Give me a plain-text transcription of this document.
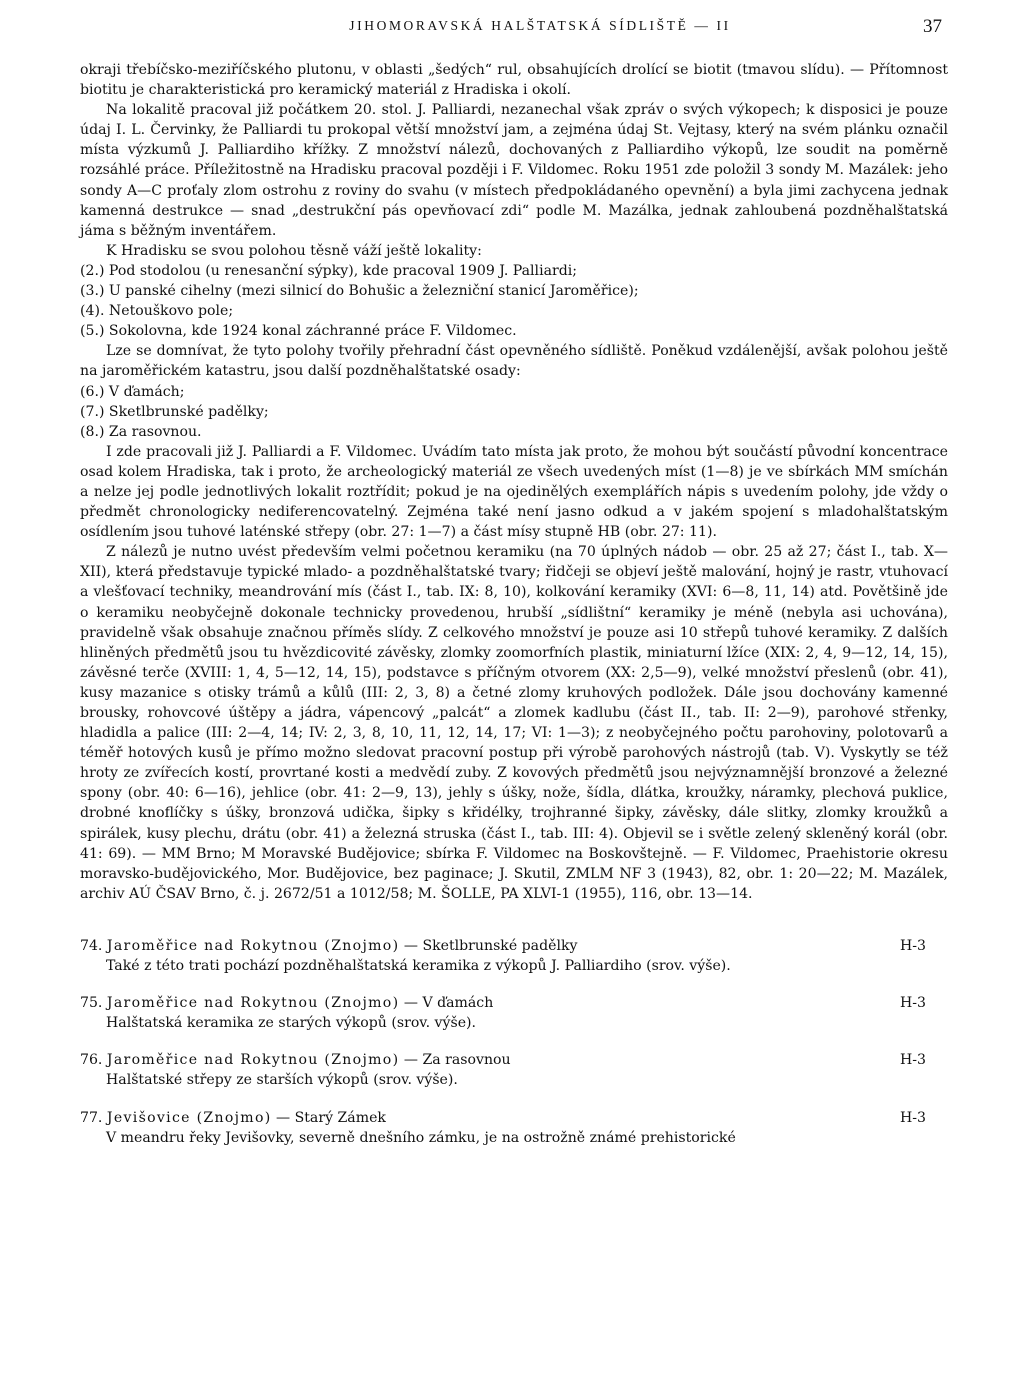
JIHOMORAVSKÁ HALŠTATSKÁ SÍDLIŠTĚ — II	37

okraji třebíčsko-meziříčského plutonu, v oblasti „šedých“ rul, obsahujících drolící se biotit (tmavou slídu). — Přítomnost biotitu je charakteristická pro keramický materiál z Hradiska i okolí.

Na lokalitě pracoval již počátkem 20. stol. J. Palliardi, nezanechal však zpráv o svých výkopech; k disposici je pouze údaj I. L. Červinky, že Palliardi tu prokopal větší množství jam, a zejména údaj St. Vejtasy, který na svém plánku označil místa výzkumů J. Palliardiho křížky. Z množství nálezů, dochovaných z Palliardiho výkopů, lze soudit na poměrně rozsáhlé práce. Příležitostně na Hradisku pracoval později i F. Vildomec. Roku 1951 zde položil 3 sondy M. Mazálek: jeho sondy A—C proťaly zlom ostrohu z roviny do svahu (v místech předpokládaného opevnění) a byla jimi zachycena jednak kamenná destrukce — snad „destrukční pás opevňovací zdi“ podle M. Mazálka, jednak zahloubená pozdněhalštatská jáma s běžným inventářem.

K Hradisku se svou polohou těsně váží ještě lokality:

(2.) Pod stodolou (u renesanční sýpky), kde pracoval 1909 J. Palliardi;
(3.) U panské cihelny (mezi silnicí do Bohušic a železniční stanicí Jaroměřice);
(4). Netouškovo pole;
(5.) Sokolovna, kde 1924 konal záchranné práce F. Vildomec.

Lze se domnívat, že tyto polohy tvořily přehradní část opevněného sídliště. Poněkud vzdálenější, avšak polohou ještě na jaroměřickém katastru, jsou další pozdněhalštatské osady:

(6.) V ďamách;
(7.) Sketlbrunské padělky;
(8.) Za rasovnou.

I zde pracovali již J. Palliardi a F. Vildomec. Uvádím tato místa jak proto, že mohou být součástí původní koncentrace osad kolem Hradiska, tak i proto, že archeologický materiál ze všech uvedených míst (1—8) je ve sbírkách MM smíchán a nelze jej podle jednotlivých lokalit roztřídit; pokud je na ojedinělých exemplářích nápis s uvedením polohy, jde vždy o předmět chronologicky nediferencovatelný. Zejména také není jasno odkud a v jakém spojení s mladohalštatským osídlením jsou tuhové laténské střepy (obr. 27: 1—7) a část mísy stupně HB (obr. 27: 11).

Z nálezů je nutno uvést především velmi početnou keramiku (na 70 úplných nádob — obr. 25 až 27; část I., tab. X—XII), která představuje typické mlado- a pozdněhalštatské tvary; řidčeji se objeví ještě malování, hojný je rastr, vtuhovací a vlešťovací techniky, meandrování mís (část I., tab. IX: 8, 10), kolkování keramiky (XVI: 6—8, 11, 14) atd. Povětšině jde o keramiku neobyčejně dokonale technicky provedenou, hrubší „sídlištní“ keramiky je méně (nebyla asi uchována), pravidelně však obsahuje značnou příměs slídy. Z celkového množství je pouze asi 10 střepů tuhové keramiky. Z dalších hliněných předmětů jsou tu hvězdicovité závěsky, zlomky zoomorfních plastik, miniaturní lžíce (XIX: 2, 4, 9—12, 14, 15), závěsné terče (XVIII: 1, 4, 5—12, 14, 15), podstavce s příčným otvorem (XX: 2,5—9), velké množství přeslenů (obr. 41), kusy mazanice s otisky trámů a kůlů (III: 2, 3, 8) a četné zlomy kruhových podložek. Dále jsou dochovány kamenné brousky, rohovcové úštěpy a jádra, vápencový „palcát“ a zlomek kadlubu (část II., tab. II: 2—9), parohové střenky, hladidla a palice (III: 2—4, 14; IV: 2, 3, 8, 10, 11, 12, 14, 17; VI: 1—3); z neobyčejného počtu parohoviny, polotovarů a téměř hotových kusů je přímo možno sledovat pracovní postup při výrobě parohových nástrojů (tab. V). Vyskytly se též hroty ze zvířecích kostí, provrtané kosti a medvědí zuby. Z kovových předmětů jsou nejvýznamnější bronzové a železné spony (obr. 40: 6—16), jehlice (obr. 41: 2—9, 13), jehly s úšky, nože, šídla, dlátka, kroužky, náramky, plechová puklice, drobné knoflíčky s úšky, bronzová udička, šipky s křidélky, trojhranné šipky, závěsky, dále slitky, zlomky kroužků a spirálek, kusy plechu, drátu (obr. 41) a železná struska (část I., tab. III: 4). Objevil se i světle zelený skleněný korál (obr. 41: 69). — MM Brno; M Moravské Budějovice; sbírka F. Vildomec na Boskovštejně. — F. Vildomec, Praehistorie okresu moravsko-budějovického, Mor. Budějovice, bez paginace; J. Skutil, ZMLM NF 3 (1943), 82, obr. 1: 20—22; M. Mazálek, archiv AÚ ČSAV Brno, č. j. 2672/51 a 1012/58; M. ŠOLLE, PA XLVI-1 (1955), 116, obr. 13—14.

74. Jaroměřice nad Rokytnou (Znojmo) — Sketlbrunské padělky	H-3
Také z této trati pochází pozdněhalštatská keramika z výkopů J. Palliardiho (srov. výše).
75. Jaroměřice nad Rokytnou (Znojmo) — V ďamách	H-3
Halštatská keramika ze starých výkopů (srov. výše).
76. Jaroměřice nad Rokytnou (Znojmo) — Za rasovnou	H-3
Halštatské střepy ze starších výkopů (srov. výše).
77. Jevišovice (Znojmo) — Starý Zámek	H-3
V meandru řeky Jevišovky, severně dnešního zámku, je na ostrožně známé prehistorické
